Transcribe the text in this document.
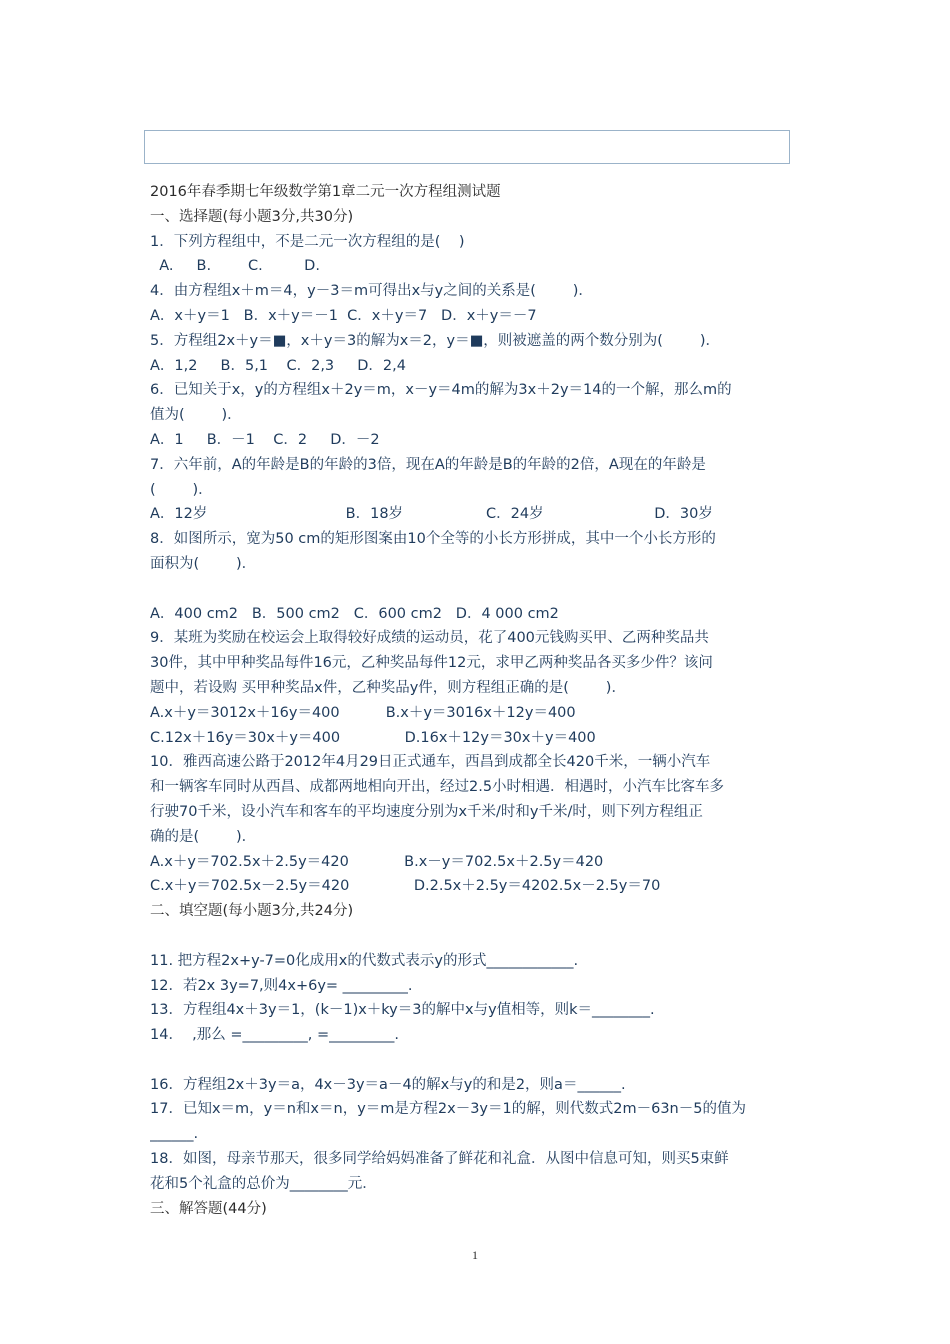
2016年春季期七年级数学第1章二元一次方程组测试题
一、选择题(每小题3分,共30分)
1．下列方程组中，不是二元一次方程组的是(    )
A.     B.        C.         D.
4．由方程组x＋m＝4，y－3＝m可得出x与y之间的关系是(        )．
A．x＋y＝1   B．x＋y＝－1  C．x＋y＝7   D．x＋y＝－7
5．方程组2x＋y＝■，x＋y＝3的解为x＝2，y＝■，则被遮盖的两个数分别为(        )．
A．1,2     B．5,1    C．2,3     D．2,4
6．已知关于x，y的方程组x＋2y＝m，x－y＝4m的解为3x＋2y＝14的一个解，那么m的
值为(        )．
A．1     B．－1    C．2     D．－2
7．六年前，A的年龄是B的年龄的3倍，现在A的年龄是B的年龄的2倍，A现在的年龄是
(        )．
A．12岁                              B．18岁                  C．24岁                        D．30岁
8．如图所示，宽为50 cm的矩形图案由10个全等的小长方形拼成，其中一个小长方形的
面积为(        )．
A．400 cm2   B．500 cm2   C．600 cm2   D．4 000 cm2
9．某班为奖励在校运会上取得较好成绩的运动员，花了400元钱购买甲、乙两种奖品共
30件，其中甲种奖品每件16元，乙种奖品每件12元，求甲乙两种奖品各买多少件？该问
题中，若设购 买甲种奖品x件，乙种奖品y件，则方程组正确的是(        )．
A.x＋y＝3012x＋16y＝400          B.x＋y＝3016x＋12y＝400
C.12x＋16y＝30x＋y＝400              D.16x＋12y＝30x＋y＝400
10．雅西高速公路于2012年4月29日正式通车，西昌到成都全长420千米，一辆小汽车
和一辆客车同时从西昌、成都两地相向开出，经过2.5小时相遇．相遇时，小汽车比客车多
行驶70千米，设小汽车和客车的平均速度分别为x千米/时和y千米/时，则下列方程组正
确的是(        )．
A.x＋y＝702.5x＋2.5y＝420            B.x－y＝702.5x＋2.5y＝420
C.x＋y＝702.5x－2.5y＝420              D.2.5x＋2.5y＝4202.5x－2.5y＝70
二、填空题(每小题3分,共24分)
11. 把方程2x+y-7=0化成用x的代数式表示y的形式____________.
12．若2x 3y=7,则4x+6y= _________.
13．方程组4x＋3y＝1，(k－1)x＋ky＝3的解中x与y值相等，则k＝________.
14．  ,那么 =_________, =_________.
16．方程组2x＋3y＝a，4x－3y＝a－4的解x与y的和是2，则a＝______.
17．已知x＝m，y＝n和x＝n，y＝m是方程2x－3y＝1的解，则代数式2m－63n－5的值为
______.
18．如图，母亲节那天，很多同学给妈妈准备了鲜花和礼盒．从图中信息可知，则买5束鲜
花和5个礼盒的总价为________元．
三、解答题(44分)
1
